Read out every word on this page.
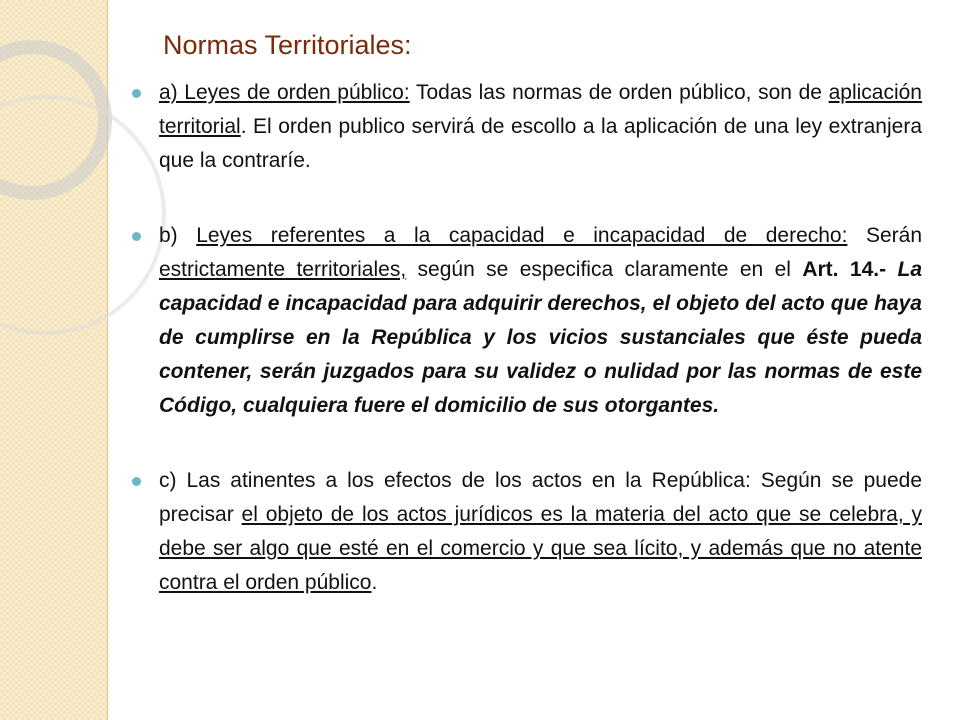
Normas Territoriales:
a) Leyes de orden público: Todas las normas de orden público, son de aplicación territorial. El orden publico servirá de escollo a la aplicación de una ley extranjera que la contraríe.
b) Leyes referentes a la capacidad e incapacidad de derecho: Serán estrictamente territoriales, según se especifica claramente en el Art. 14.- La capacidad e incapacidad para adquirir derechos, el objeto del acto que haya de cumplirse en la República y los vicios sustanciales que éste pueda contener, serán juzgados para su validez o nulidad por las normas de este Código, cualquiera fuere el domicilio de sus otorgantes.
c) Las atinentes a los efectos de los actos en la República: Según se puede precisar el objeto de los actos jurídicos es la materia del acto que se celebra, y debe ser algo que esté en el comercio y que sea lícito, y además que no atente contra el orden público.
